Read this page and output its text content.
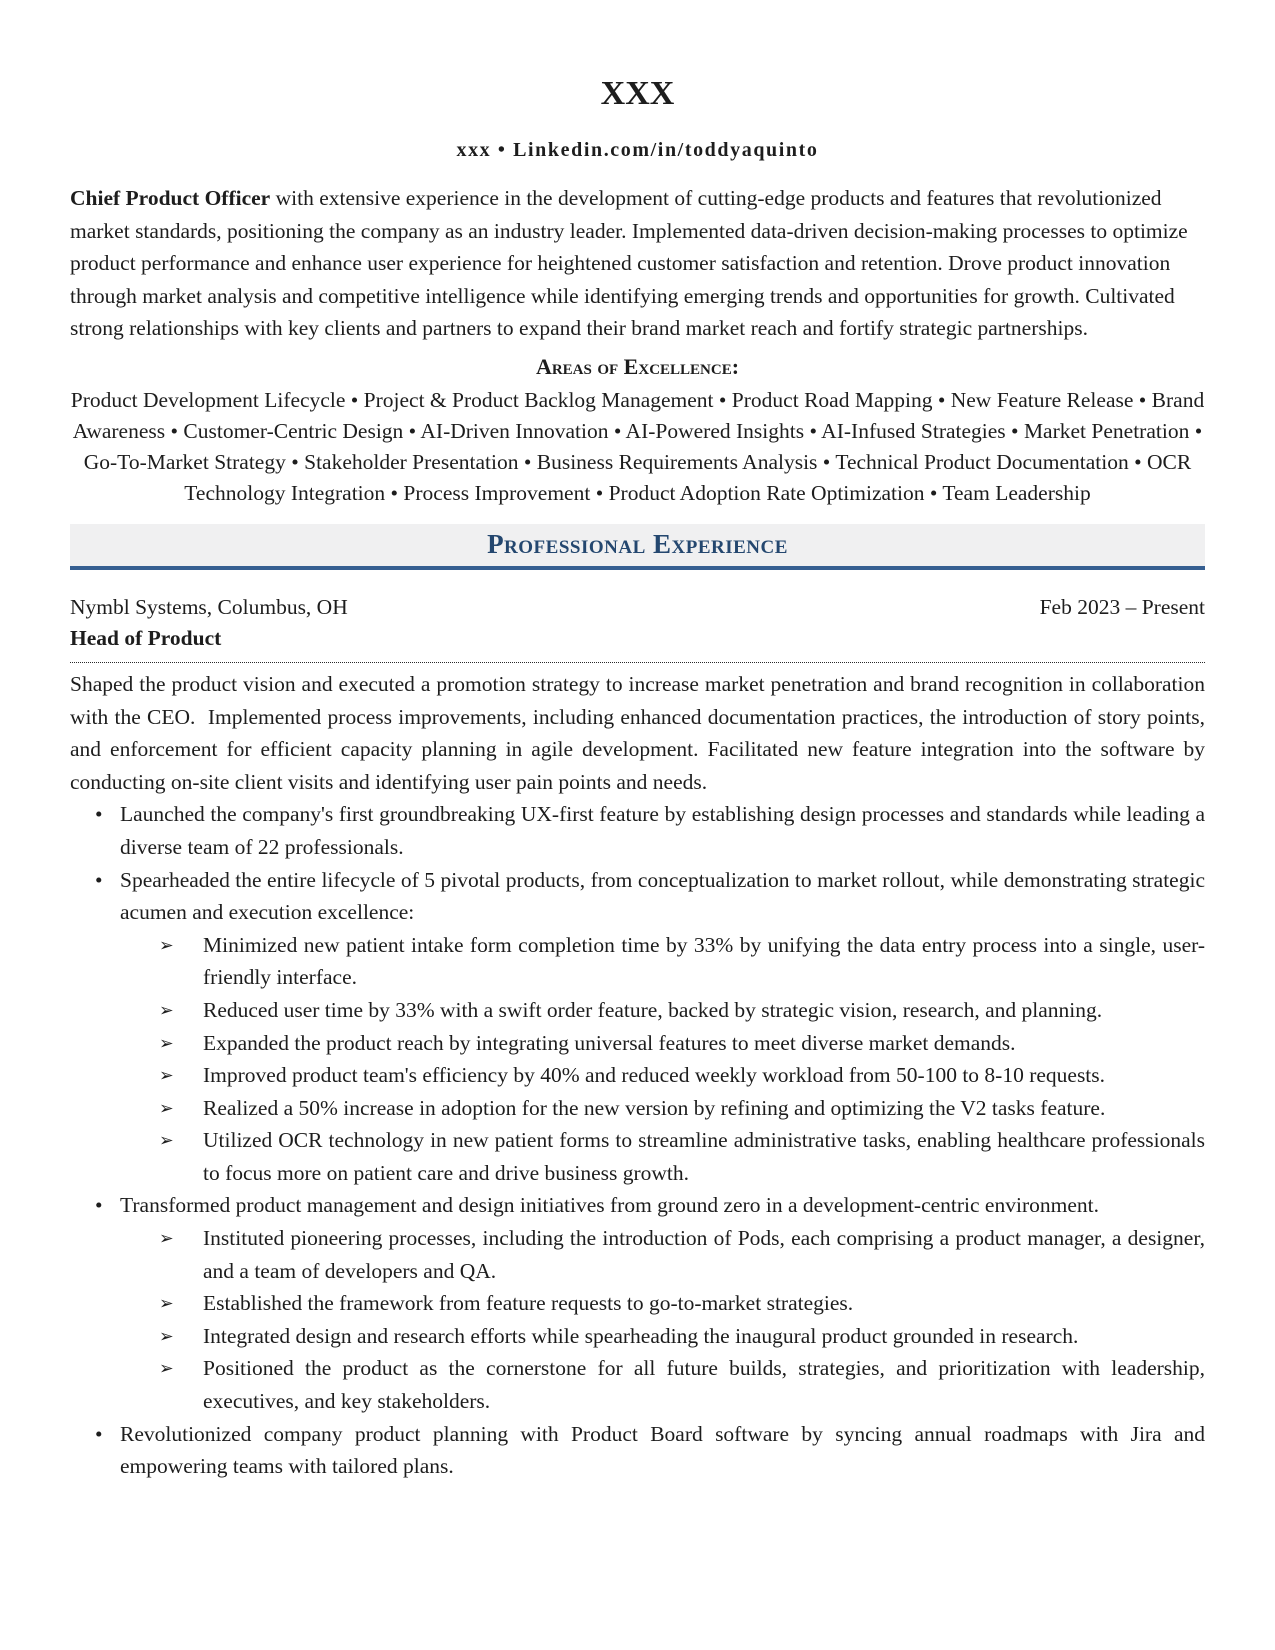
XXX
xxx • Linkedin.com/in/toddyaquinto

Chief Product Officer with extensive experience in the development of cutting-edge products and features that revolutionized market standards, positioning the company as an industry leader. Implemented data-driven decision-making processes to optimize product performance and enhance user experience for heightened customer satisfaction and retention. Drove product innovation through market analysis and competitive intelligence while identifying emerging trends and opportunities for growth. Cultivated strong relationships with key clients and partners to expand their brand market reach and fortify strategic partnerships.

Areas of Excellence:

Product Development Lifecycle • Project & Product Backlog Management • Product Road Mapping • New Feature Release • Brand Awareness • Customer-Centric Design • AI-Driven Innovation • AI-Powered Insights • AI-Infused Strategies • Market Penetration • Go-To-Market Strategy • Stakeholder Presentation • Business Requirements Analysis • Technical Product Documentation • OCR Technology Integration • Process Improvement • Product Adoption Rate Optimization • Team Leadership

Professional Experience
Nymbl Systems, Columbus, OH	Feb 2023 – Present
Head of Product

Shaped the product vision and executed a promotion strategy to increase market penetration and brand recognition in collaboration with the CEO.  Implemented process improvements, including enhanced documentation practices, the introduction of story points, and enforcement for efficient capacity planning in agile development. Facilitated new feature integration into the software by conducting on-site client visits and identifying user pain points and needs.

• Launched the company's first groundbreaking UX-first feature by establishing design processes and standards while leading a diverse team of 22 professionals.
• Spearheaded the entire lifecycle of 5 pivotal products, from conceptualization to market rollout, while demonstrating strategic acumen and execution excellence:
➢ Minimized new patient intake form completion time by 33% by unifying the data entry process into a single, user-friendly interface.
➢ Reduced user time by 33% with a swift order feature, backed by strategic vision, research, and planning.
➢ Expanded the product reach by integrating universal features to meet diverse market demands.
➢ Improved product team's efficiency by 40% and reduced weekly workload from 50-100 to 8-10 requests.
➢ Realized a 50% increase in adoption for the new version by refining and optimizing the V2 tasks feature.
➢ Utilized OCR technology in new patient forms to streamline administrative tasks, enabling healthcare professionals to focus more on patient care and drive business growth.
• Transformed product management and design initiatives from ground zero in a development-centric environment.
➢ Instituted pioneering processes, including the introduction of Pods, each comprising a product manager, a designer, and a team of developers and QA.
➢ Established the framework from feature requests to go-to-market strategies.
➢ Integrated design and research efforts while spearheading the inaugural product grounded in research.
➢ Positioned the product as the cornerstone for all future builds, strategies, and prioritization with leadership, executives, and key stakeholders.
• Revolutionized company product planning with Product Board software by syncing annual roadmaps with Jira and empowering teams with tailored plans.
